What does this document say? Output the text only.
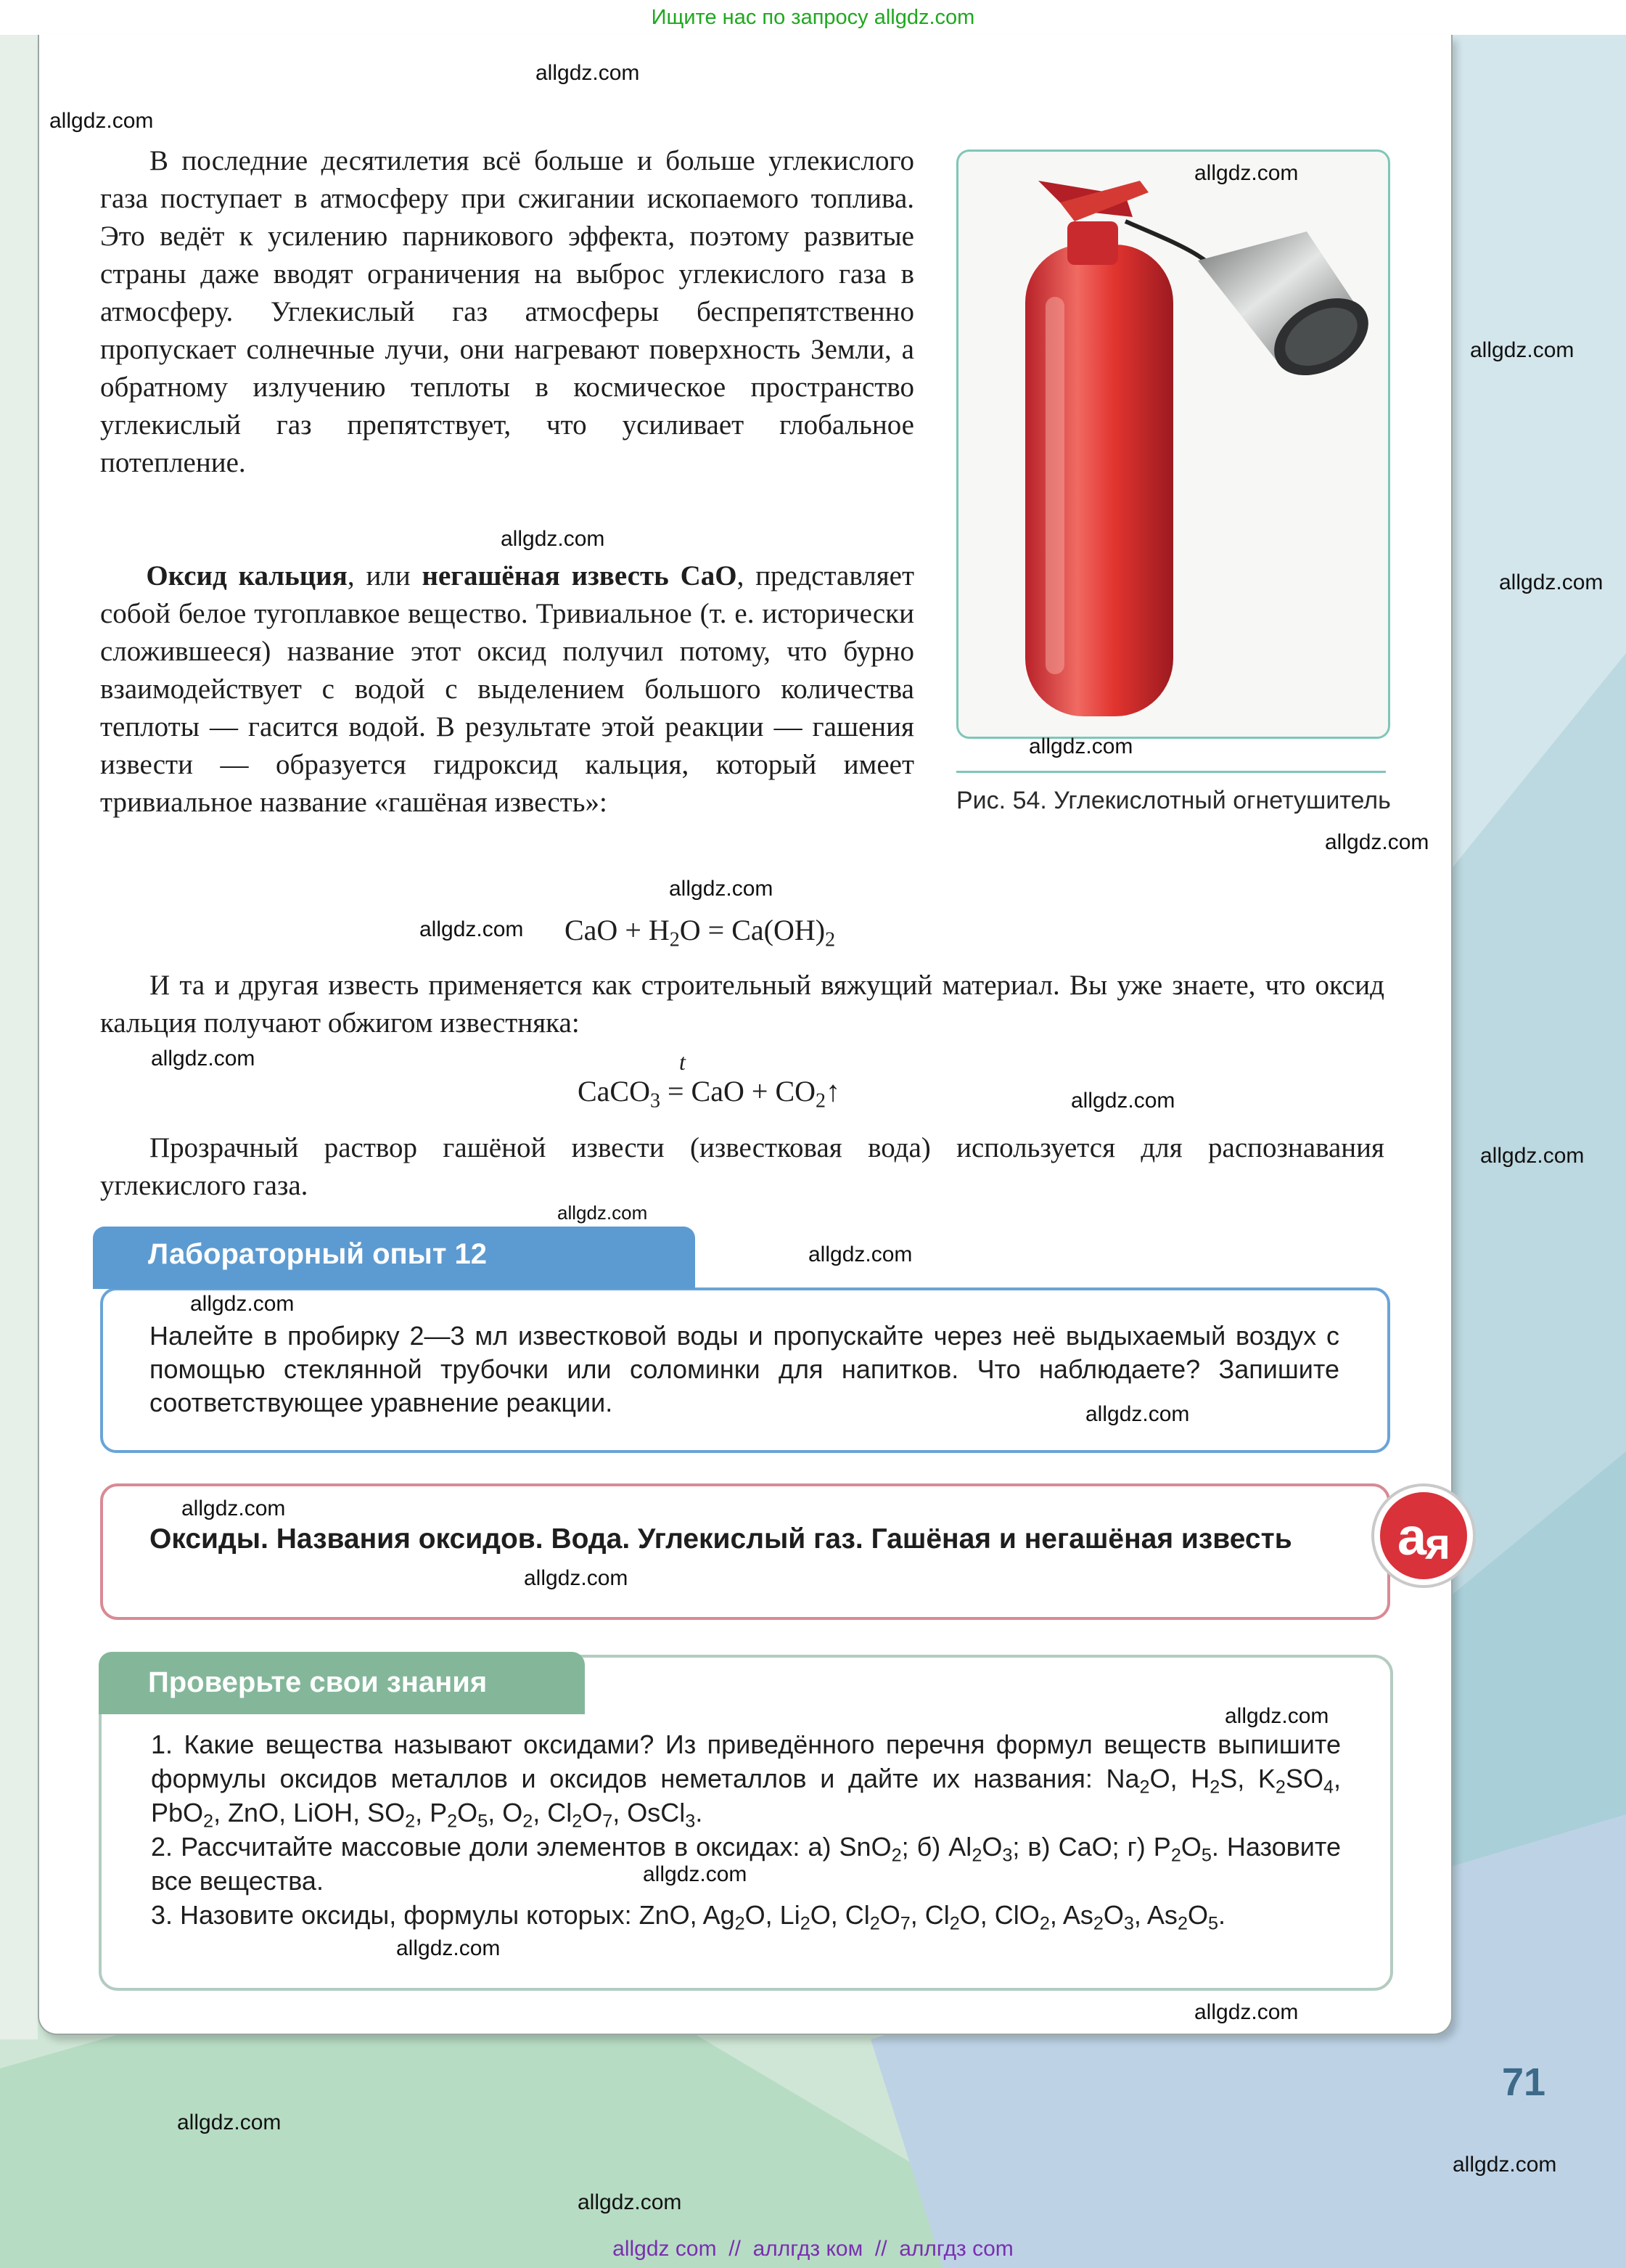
Ищите нас по запросу allgdz.com
В последние десятилетия всё больше и больше углекислого газа поступает в атмосферу при сжигании ископаемого топлива. Это ведёт к усилению парникового эффекта, поэтому развитые страны даже вводят ограничения на выброс углекислого газа в атмосферу. Углекислый газ атмосферы беспрепятственно пропускает солнечные лучи, они нагревают поверхность Земли, а обратному излучению теплоты в космическое пространство углекислый газ препятствует, что усиливает глобальное потепление.
Оксид кальция, или негашёная известь CaO, представляет собой белое тугоплавкое вещество. Тривиальное (т. е. исторически сложившееся) название этот оксид получил потому, что бурно взаимодействует с водой с выделением большого количества теплоты — гасится водой. В результате этой реакции — гашения извести — образуется гидроксид кальция, который имеет тривиальное название «гашёная известь»:
CaO + $H_2O = Ca(OH)_2$
И та и другая известь применяется как строительный вяжущий материал. Вы уже знаете, что оксид кальция получают обжигом известняка:
CaCO$_3$
t
= CaO + $CO_2↑$
Прозрачный раствор гашёной извести (известковая вода) используется для распознавания углекислого газа.
Рис. 54. Углекислотный огнетушитель
Налейте в пробирку 2—3 мл известковой воды и пропускайте через неё выдыхаемый воздух с помощью стеклянной трубочки или соломинки для напитков. Что наблюдаете? Запишите соответствующее уравнение реакции.
Лабораторный опыт 12
Оксиды. Названия оксидов. Вода. Углекислый газ. Гашёная и негашёная известь	а
я
1. Какие вещества называют оксидами? Из приведённого перечня формул веществ выпишите формулы оксидов металлов и оксидов неметаллов и дайте их названия: $Na_2O$, $H_2S$, $K_2SO_4$, PbO$_2$, ZnO, LiOH, $SO_2$, $P_2O_5$, $O_2$, $Cl_2O_7$, OsCl$_3$.
2. Рассчитайте массовые доли элементов в оксидах: а) SnO$_2$; б) $Al_2O_3$; в) CaO; г) $P_2O_5$. Назовите все вещества.
3. Назовите оксиды, формулы которых: ZnO, $Ag_2O$, $Li_2O$, $Cl_2O_7$, $Cl_2O$, ClO$_2$, $As_2O_3$, $As_2O_5$.
Проверьте свои знания
71
allgdz.com
allgdz.com
allgdz.com
allgdz.com
allgdz.com
allgdz.com
allgdz.com
allgdz.com
allgdz.com
allgdz.com
allgdz.com
allgdz.com
allgdz.com
allgdz.com
allgdz.com
allgdz.com
allgdz.com
allgdz.com
allgdz.com
allgdz.com
allgdz.com
allgdz.com
allgdz.com
allgdz.com
allgdz.com
allgdz.com
allgdz com  //  аллгдз ком  //  аллгдз com
